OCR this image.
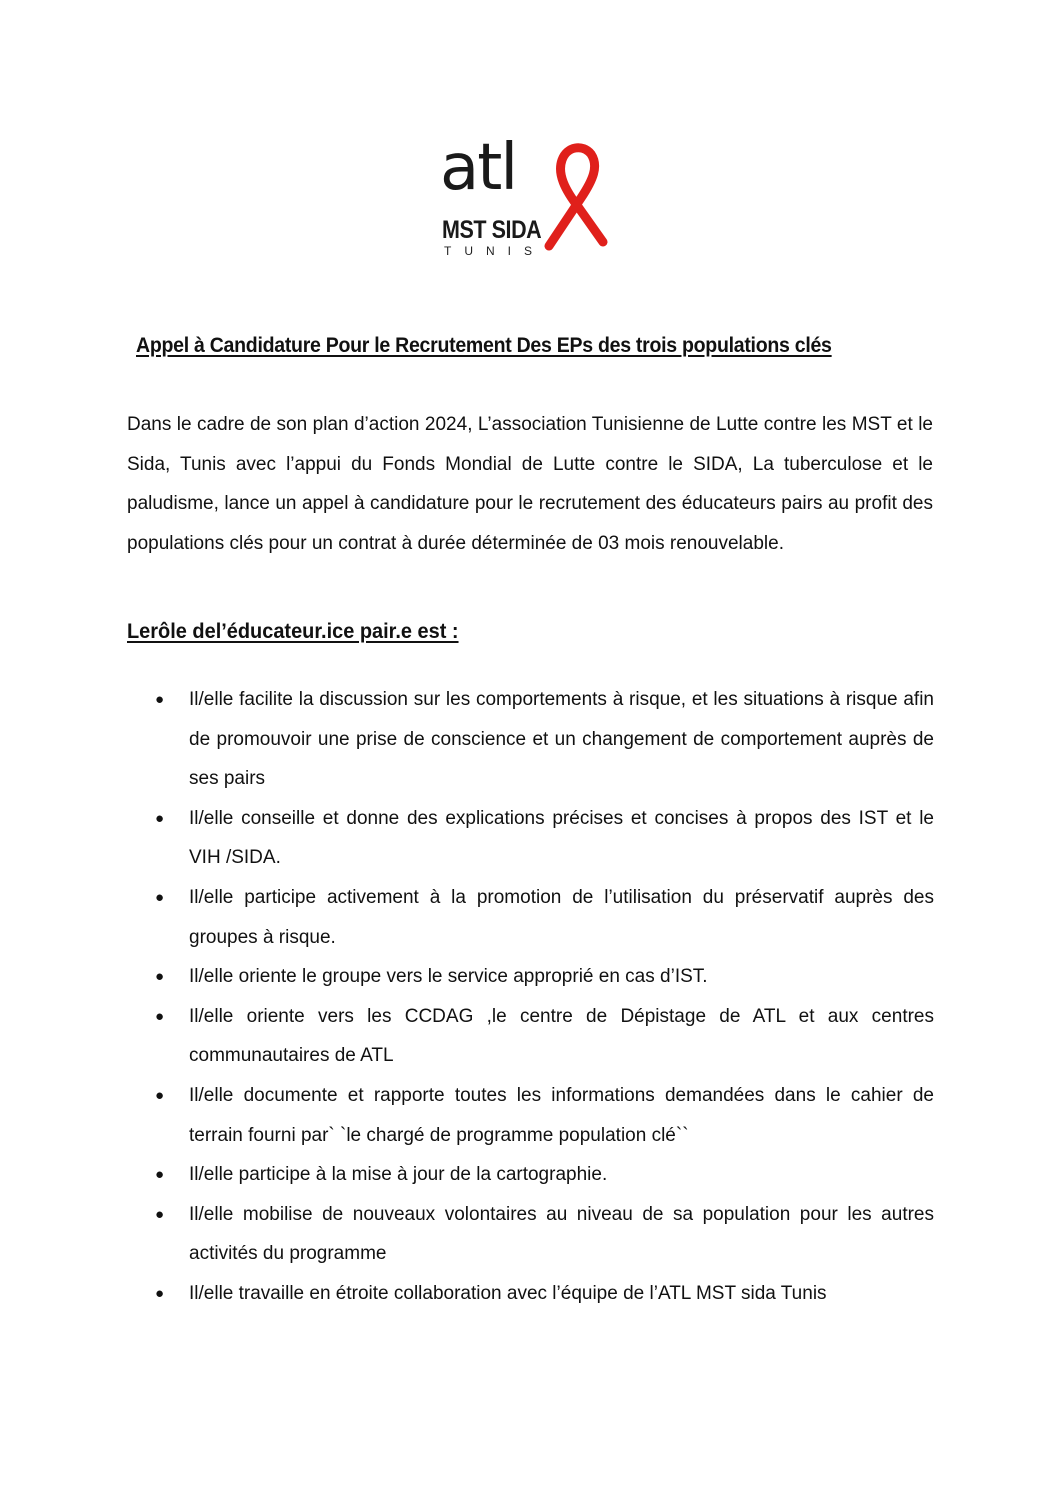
atl
MST SIDA
TUNIS
Appel à Candidature Pour le Recrutement Des EPs des trois populations clés

Dans le cadre de son plan d’action 2024, L’association Tunisienne de Lutte contre les MST et le Sida, Tunis avec l’appui du Fonds Mondial de Lutte contre le SIDA, La tuberculose et le paludisme, lance un appel à candidature pour le recrutement des éducateurs pairs au profit des populations clés pour un contrat à durée déterminée de 03 mois renouvelable.

Lerôle del’éducateur.ice pair.e est :
● Il/elle facilite la discussion sur les comportements à risque, et les situations à risque afin de promouvoir une prise de conscience et un changement de comportement auprès de ses pairs
● Il/elle conseille et donne des explications précises et concises à propos des IST et le VIH /SIDA.
● Il/elle participe activement à la promotion de l’utilisation du préservatif auprès des groupes à risque.
● Il/elle oriente le groupe vers le service approprié en cas d’IST.
● Il/elle oriente vers les CCDAG ,le centre de Dépistage de ATL et aux centres communautaires de ATL
● Il/elle documente et rapporte toutes les informations demandées dans le cahier de terrain fourni par` `le chargé de programme population clé``
● Il/elle participe à la mise à jour de la cartographie.
● Il/elle mobilise de nouveaux volontaires au niveau de sa population pour les autres activités du programme
● Il/elle travaille en étroite collaboration avec l’équipe de l’ATL MST sida Tunis
